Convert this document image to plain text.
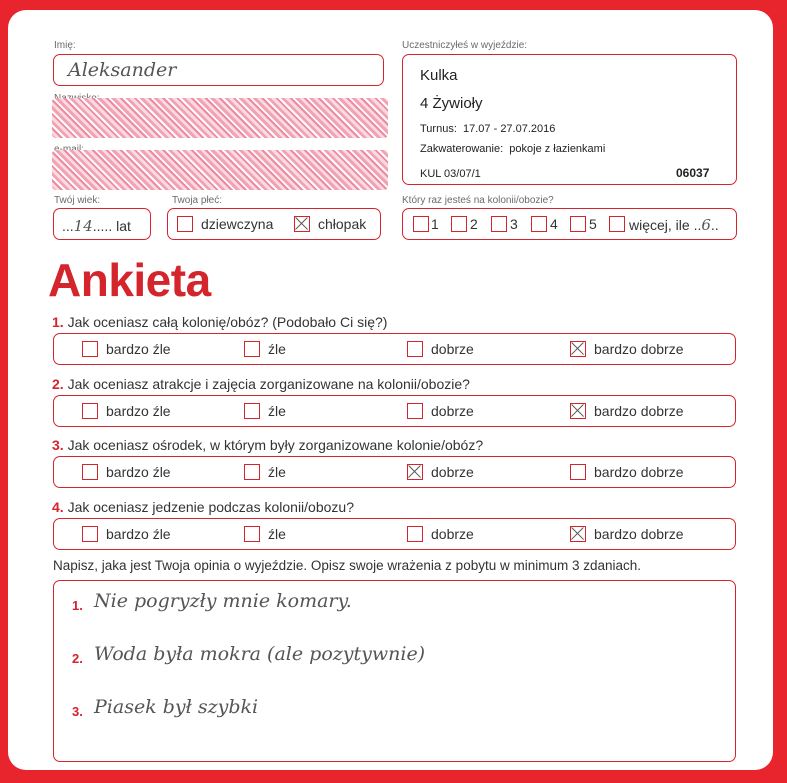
Imię:
Aleksander
Twój wiek:
...14..... lat
Twoja płeć:
dziewczyna	chłopak
Uczestniczyłeś w wyjeździe:
Kulka
4 Żywioły
Turnus: 17.07 - 27.07.2016
Zakwaterowanie: pokoje z łazienkami
KUL 03/07/1	06037
Który raz jesteś na kolonii/obozie?
1 2 3 4 5 więcej, ile ..6..
Ankieta
1. Jak oceniasz całą kolonię/obóz? (Podobało Ci się?)
bardzo źle	źle	dobrze	bardzo dobrze
2. Jak oceniasz atrakcje i zajęcia zorganizowane na kolonii/obozie?
bardzo źle	źle	dobrze	bardzo dobrze
3. Jak oceniasz ośrodek, w którym były zorganizowane kolonie/obóz?
bardzo źle	źle	dobrze	bardzo dobrze
4. Jak oceniasz jedzenie podczas kolonii/obozu?
bardzo źle	źle	dobrze	bardzo dobrze
Napisz, jaka jest Twoja opinia o wyjeździe. Opisz swoje wrażenia z pobytu w minimum 3 zdaniach.
1. Nie pogryzły mnie komary.
2. Woda była mokra (ale pozytywnie)
3. Piasek był szybki
